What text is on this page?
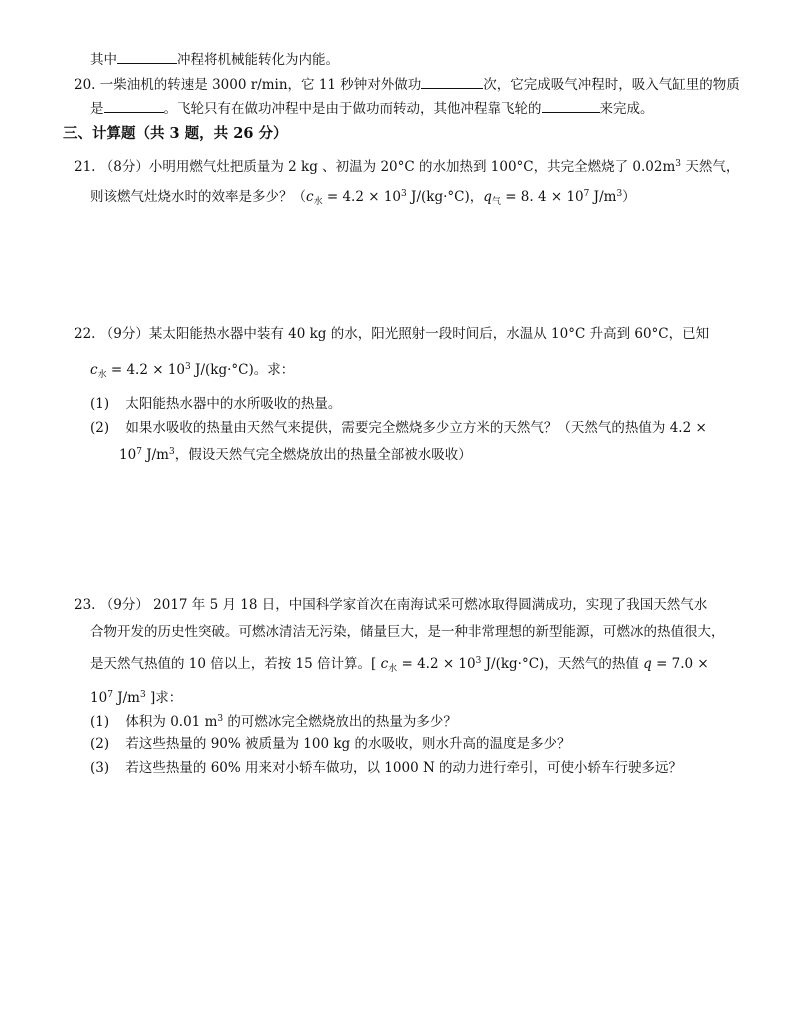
其中	冲程将机械能转化为内能。
20. 一柴油机的转速是 3000 r/min，它 11 秒钟对外做功	次，它完成吸气冲程时，吸入气缸里的物质
是	。飞轮只有在做功冲程中是由于做功而转动，其他冲程靠飞轮的	来完成。
三、计算题（共 3 题，共 26 分）
21. （8分）小明用燃气灶把质量为 2 kg 、初温为 20°C 的水加热到 100°C，共完全燃烧了 $0.02m^3$ 天然气，
则该燃气灶烧水时的效率是多少？（$c_水 = 4.2 \times 10^3$ J/(kg·°C)，$q_气 = 8$. $4 \times 10^7$ $J/m^3$）
22. （9分）某太阳能热水器中装有 40 kg 的水，阳光照射一段时间后，水温从 10°C 升高到 60°C，已知
$c_水 = 4.2 \times 10^3$ J/(kg·°C)。求：
(1) 太阳能热水器中的水所吸收的热量。
(2) 如果水吸收的热量由天然气来提供，需要完全燃烧多少立方米的天然气？（天然气的热值为 4.2 ×
$10^7$ $J/m^3$，假设天然气完全燃烧放出的热量全部被水吸收）
23. （9分） 2017 年 5 月 18 日，中国科学家首次在南海试采可燃冰取得圆满成功，实现了我国天然气水
合物开发的历史性突破。可燃冰清洁无污染，储量巨大，是一种非常理想的新型能源，可燃冰的热值很大，
是天然气热值的 10 倍以上，若按 15 倍计算。[ $c_水 = 4.2 \times 10^3$ J/(kg·°C)，天然气的热值 q = 7.0 ×
$10^7$ $J/m^3$ ]求：
(1) 体积为 0.01 $m^3$ 的可燃冰完全燃烧放出的热量为多少？
(2) 若这些热量的 90% 被质量为 100 kg 的水吸收，则水升高的温度是多少？
(3) 若这些热量的 60% 用来对小轿车做功，以 1000 N 的动力进行牵引，可使小轿车行驶多远？
